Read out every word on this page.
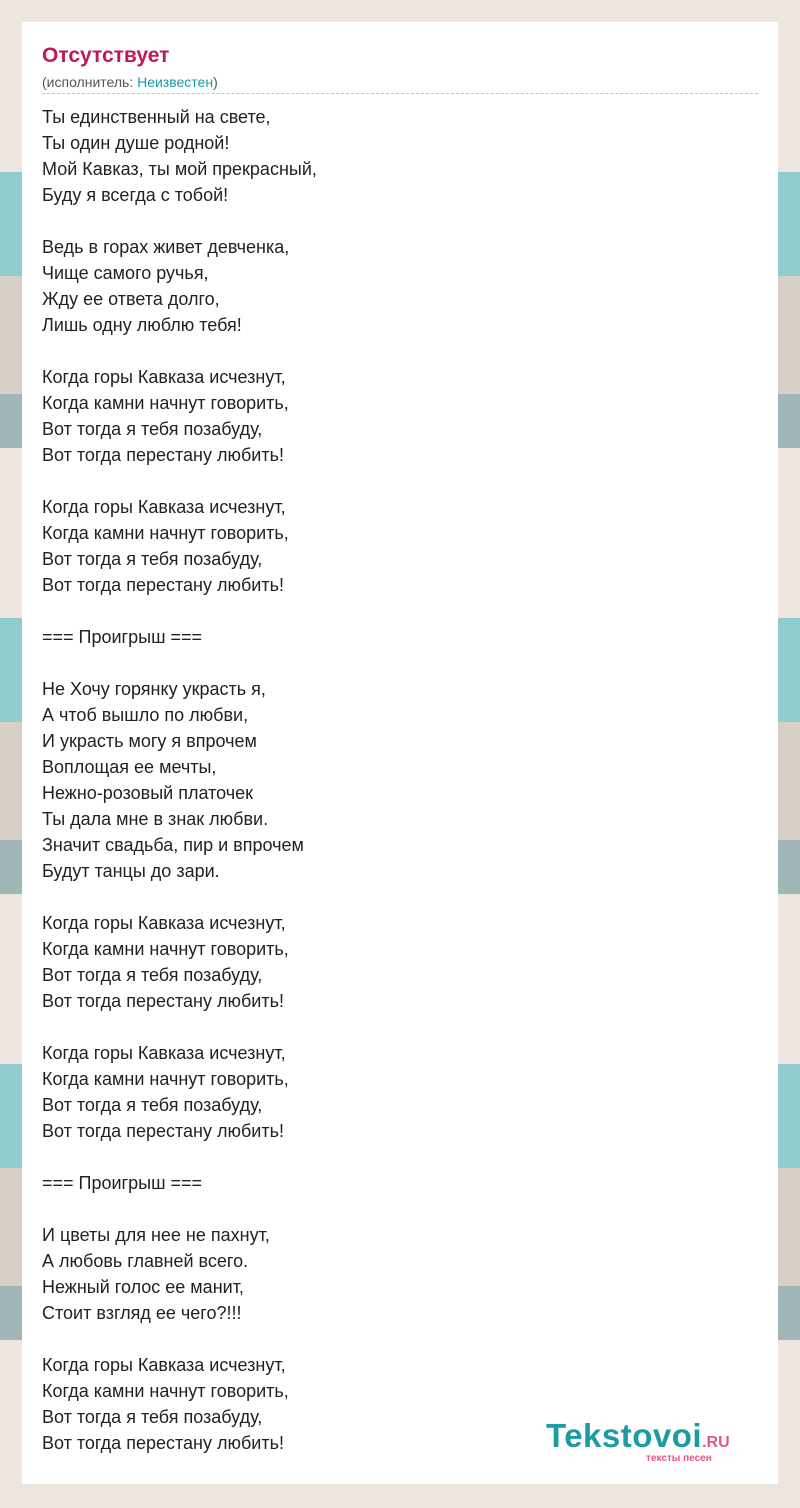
Отсутствует
(исполнитель: Неизвестен)
Ты единственный на свете,
Ты один душе родной!
Мой Кавказ, ты мой прекрасный,
Буду я всегда с тобой!
Ведь в горах живет девченка,
Чище самого ручья,
Жду ее ответа долго,
Лишь одну люблю тебя!
Когда горы Кавказа исчезнут,
Когда камни начнут говорить,
Вот тогда я тебя позабуду,
Вот тогда перестану любить!
Когда горы Кавказа исчезнут,
Когда камни начнут говорить,
Вот тогда я тебя позабуду,
Вот тогда перестану любить!
=== Проигрыш ===
Не Хочу горянку украсть я,
А чтоб вышло по любви,
И украсть могу я впрочем
Воплощая ее мечты,
Нежно-розовый платочек
Ты дала мне в знак любви.
Значит свадьба, пир и впрочем
Будут танцы до зари.
Когда горы Кавказа исчезнут,
Когда камни начнут говорить,
Вот тогда я тебя позабуду,
Вот тогда перестану любить!
Когда горы Кавказа исчезнут,
Когда камни начнут говорить,
Вот тогда я тебя позабуду,
Вот тогда перестану любить!
=== Проигрыш ===
И цветы для нее не пахнут,
А любовь главней всего.
Нежный голос ее манит,
Стоит взгляд ее чего?!!!
Когда горы Кавказа исчезнут,
Когда камни начнут говорить,
Вот тогда я тебя позабуду,
Вот тогда перестану любить!	Tekstovoi.RU
тексты песен
